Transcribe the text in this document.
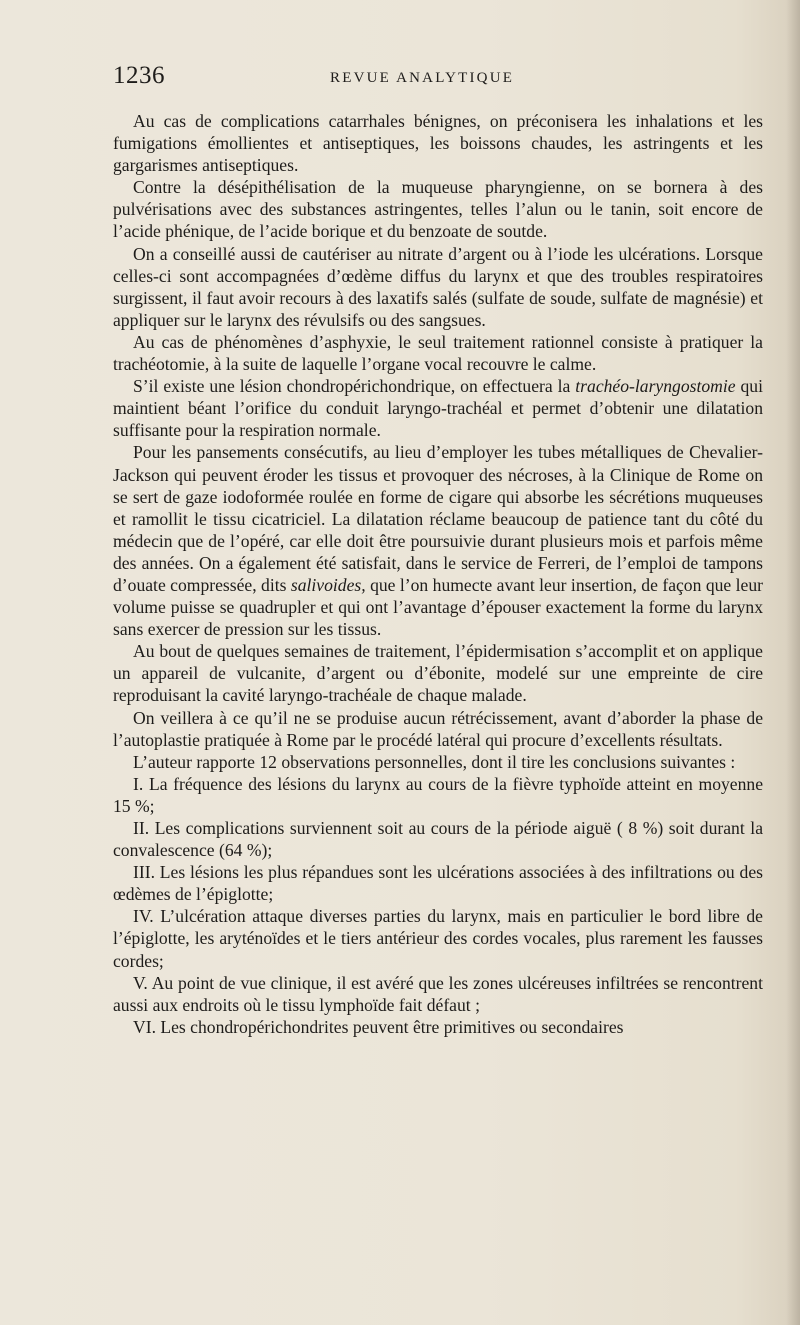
1236	REVUE ANALYTIQUE

Au cas de complications catarrhales bénignes, on préconisera les inhalations et les fumigations émollientes et antiseptiques, les boissons chaudes, les astringents et les gargarismes antiseptiques.

Contre la désépithélisation de la muqueuse pharyngienne, on se bornera à des pulvérisations avec des substances astringentes, telles l’alun ou le tanin, soit encore de l’acide phénique, de l’acide borique et du benzoate de soutde.

On a conseillé aussi de cautériser au nitrate d’argent ou à l’iode les ulcérations. Lorsque celles-ci sont accompagnées d’œdème diffus du larynx et que des troubles respiratoires surgissent, il faut avoir recours à des laxatifs salés (sulfate de soude, sulfate de magnésie) et appliquer sur le larynx des révulsifs ou des sangsues.

Au cas de phénomènes d’asphyxie, le seul traitement rationnel consiste à pratiquer la trachéotomie, à la suite de laquelle l’organe vocal recouvre le calme.

S’il existe une lésion chondropérichondrique, on effectuera la trachéo-laryngostomie qui maintient béant l’orifice du conduit laryngo-trachéal et permet d’obtenir une dilatation suffisante pour la respiration normale.

Pour les pansements consécutifs, au lieu d’employer les tubes métalliques de Chevalier-Jackson qui peuvent éroder les tissus et provoquer des nécroses, à la Clinique de Rome on se sert de gaze iodoformée roulée en forme de cigare qui absorbe les sécrétions muqueuses et ramollit le tissu cicatriciel. La dilatation réclame beaucoup de patience tant du côté du médecin que de l’opéré, car elle doit être poursuivie durant plusieurs mois et parfois même des années. On a également été satisfait, dans le service de Ferreri, de l’emploi de tampons d’ouate compressée, dits salivoides, que l’on humecte avant leur insertion, de façon que leur volume puisse se quadrupler et qui ont l’avantage d’épouser exactement la forme du larynx sans exercer de pression sur les tissus.

Au bout de quelques semaines de traitement, l’épidermisation s’accomplit et on applique un appareil de vulcanite, d’argent ou d’ébonite, modelé sur une empreinte de cire reproduisant la cavité laryngo-trachéale de chaque malade.

On veillera à ce qu’il ne se produise aucun rétrécissement, avant d’aborder la phase de l’autoplastie pratiquée à Rome par le procédé latéral qui procure d’excellents résultats.

L’auteur rapporte 12 observations personnelles, dont il tire les conclusions suivantes :

I. La fréquence des lésions du larynx au cours de la fièvre typhoïde atteint en moyenne 15 %;

II. Les complications surviennent soit au cours de la période aiguë ( 8 %) soit durant la convalescence (64 %);

III. Les lésions les plus répandues sont les ulcérations associées à des infiltrations ou des œdèmes de l’épiglotte;

IV. L’ulcération attaque diverses parties du larynx, mais en particulier le bord libre de l’épiglotte, les aryténoïdes et le tiers antérieur des cordes vocales, plus rarement les fausses cordes;

V. Au point de vue clinique, il est avéré que les zones ulcéreuses infiltrées se rencontrent aussi aux endroits où le tissu lymphoïde fait défaut ;

VI. Les chondropérichondrites peuvent être primitives ou secondaires
